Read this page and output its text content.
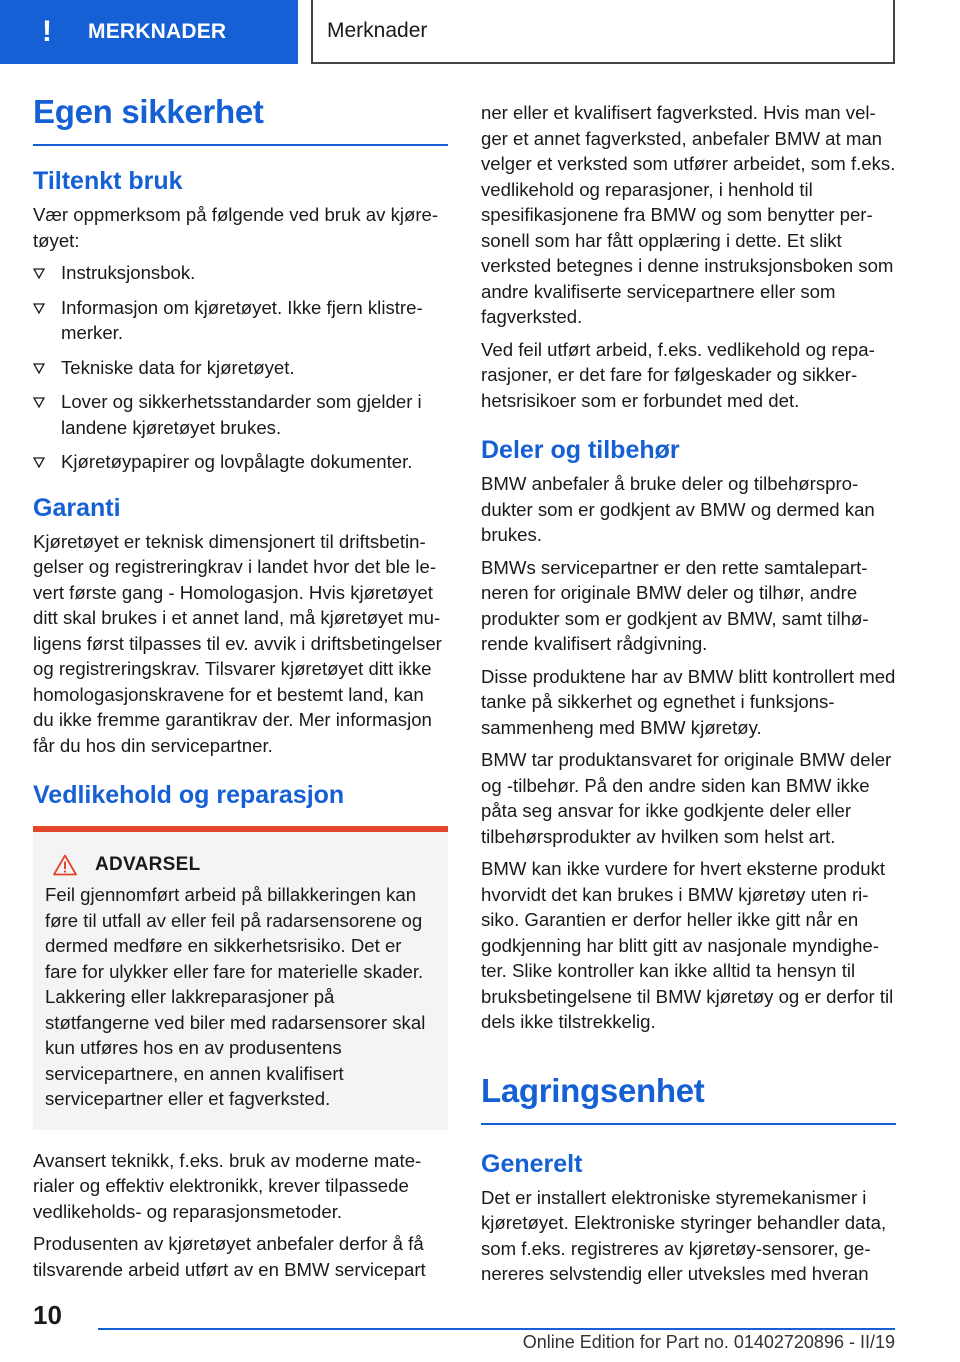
! MERKNADER	Merknader
Egen sikkerhet
Tiltenkt bruk

Vær oppmerksom på følgende ved bruk av kjøretøyet:

Instruksjonsbok.
Informasjon om kjøretøyet. Ikke fjern klistremerker.
Tekniske data for kjøretøyet.
Lover og sikkerhetsstandarder som gjelder i landene kjøretøyet brukes.
Kjøretøypapirer og lovpålagte dokumenter.
Garanti

Kjøretøyet er teknisk dimensjonert til driftsbetingelser og registreringkrav i landet hvor det ble levert første gang - Homologasjon. Hvis kjøretøyet ditt skal brukes i et annet land, må kjøretøyet muligens først tilpasses til ev. avvik i driftsbetingelser og registreringskrav. Tilsvarer kjøretøyet ditt ikke homologasjonskravene for et bestemt land, kan du ikke fremme garantikrav der. Mer informasjon får du hos din servicepartner.

Vedlikehold og reparasjon
ADVARSEL

Feil gjennomført arbeid på billakkeringen kan føre til utfall av eller feil på radarsensorene og dermed medføre en sikkerhetsrisiko. Det er fare for ulykker eller fare for materielle skader. Lakkering eller lakkreparasjoner på støtfangerne ved biler med radarsensorer skal kun utføres hos en av produsentens servicepartnere, en annen kvalifisert servicepartner eller et fagverksted.

Avansert teknikk, f.eks. bruk av moderne materialer og effektiv elektronikk, krever tilpassede vedlikeholds- og reparasjonsmetoder.

Produsenten av kjøretøyet anbefaler derfor å få tilsvarende arbeid utført av en BMW servicepart

ner eller et kvalifisert fagverksted. Hvis man velger et annet fagverksted, anbefaler BMW at man velger et verksted som utfører arbeidet, som f.eks. vedlikehold og reparasjoner, i henhold til spesifikasjonene fra BMW og som benytter personell som har fått opplæring i dette. Et slikt verksted betegnes i denne instruksjonsboken som andre kvalifiserte servicepartnere eller som fagverksted.

Ved feil utført arbeid, f.eks. vedlikehold og reparasjoner, er det fare for følgeskader og sikkerhetsrisikoer som er forbundet med det.

Deler og tilbehør

BMW anbefaler å bruke deler og tilbehørsprodukter som er godkjent av BMW og dermed kan brukes.

BMWs servicepartner er den rette samtalepartneren for originale BMW deler og tilhør, andre produkter som er godkjent av BMW, samt tilhørende kvalifisert rådgivning.

Disse produktene har av BMW blitt kontrollert med tanke på sikkerhet og egnethet i funksjonssammenheng med BMW kjøretøy.

BMW tar produktansvaret for originale BMW deler og -tilbehør. På den andre siden kan BMW ikke påta seg ansvar for ikke godkjente deler eller tilbehørsprodukter av hvilken som helst art.

BMW kan ikke vurdere for hvert eksterne produkt hvorvidt det kan brukes i BMW kjøretøy uten risiko. Garantien er derfor heller ikke gitt når en godkjenning har blitt gitt av nasjonale myndigheter. Slike kontroller kan ikke alltid ta hensyn til bruksbetingelsene til BMW kjøretøy og er derfor til dels ikke tilstrekkelig.

Lagringsenhet
Generelt

Det er installert elektroniske styremekanismer i kjøretøyet. Elektroniske styringer behandler data, som f.eks. registreres av kjøretøy-sensorer, genereres selvstendig eller utveksles med hveran

10
Online Edition for Part no. 01402720896 - II/19
